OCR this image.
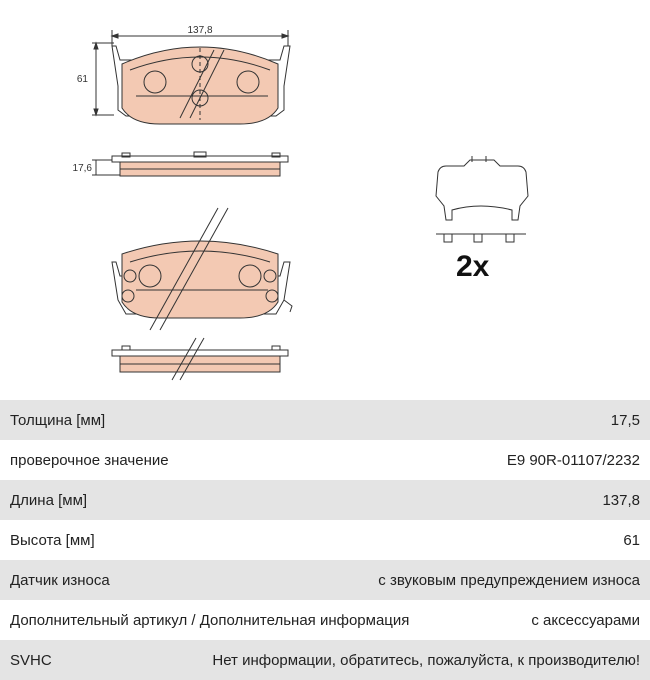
137,8
61
17,6
2x
Толщина [мм]	17,5
проверочное значение	E9 90R-01107/2232
Длина [мм]	137,8
Высота [мм]	61
Датчик износа	с звуковым предупреждением износа
Дополнительный артикул / Дополнительная информация	с аксессуарами
SVHC	Нет информации, обратитесь, пожалуйста, к производителю!
